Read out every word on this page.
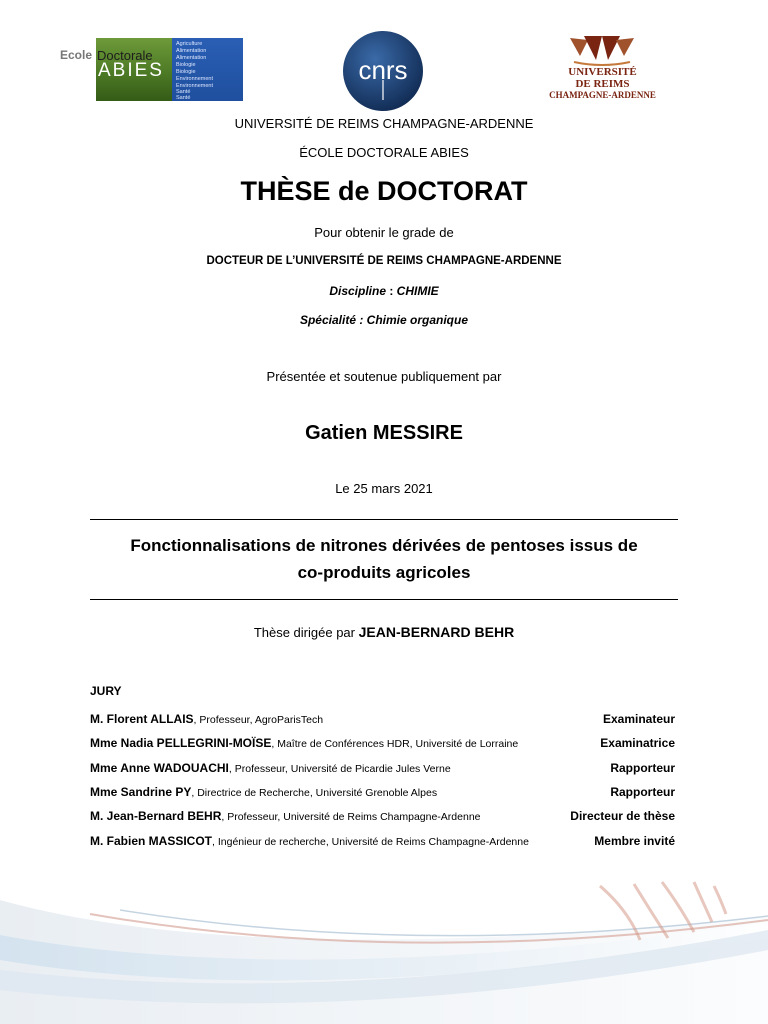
Ecole Doctorale
ABIES
Agriculture
Alimentation
Alimentation
Biologie
Biologie
Environnement
Environnement
Santé
Santé
cnrs	UNIVERSITÉ
DE REIMS
CHAMPAGNE-ARDENNE
UNIVERSITÉ DE REIMS CHAMPAGNE-ARDENNE
ÉCOLE DOCTORALE ABIES
THÈSE de DOCTORAT
Pour obtenir le grade de
DOCTEUR DE L’UNIVERSITÉ DE REIMS CHAMPAGNE-ARDENNE
Discipline : CHIMIE
Spécialité : Chimie organique
Présentée et soutenue publiquement par
Gatien MESSIRE
Le 25 mars 2021
Fonctionnalisations de nitrones dérivées de pentoses issus de
co-produits agricoles
Thèse dirigée par JEAN-BERNARD BEHR
JURY
M. Florent ALLAIS, Professeur, AgroParisTech	Examinateur
Mme Nadia PELLEGRINI-MOÏSE, Maître de Conférences HDR, Université de Lorraine	Examinatrice
Mme Anne WADOUACHI, Professeur, Université de Picardie Jules Verne	Rapporteur
Mme Sandrine PY, Directrice de Recherche, Université Grenoble Alpes	Rapporteur
M. Jean-Bernard BEHR, Professeur, Université de Reims Champagne-Ardenne	Directeur de thèse
M. Fabien MASSICOT, Ingénieur de recherche, Université de Reims Champagne-Ardenne	Membre invité
